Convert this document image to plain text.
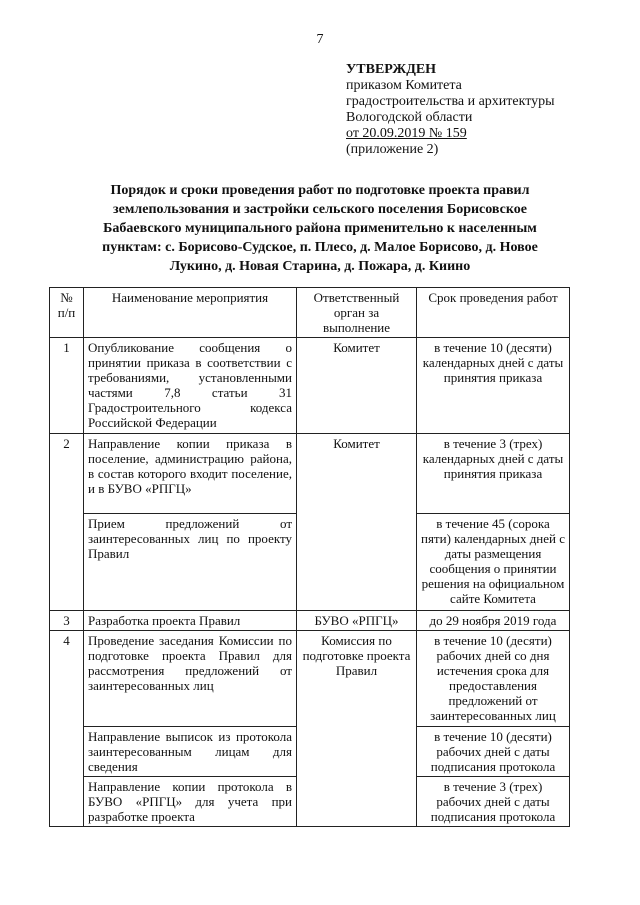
7
УТВЕРЖДЕН
приказом Комитета
градостроительства и архитектуры
Вологодской области
от 20.09.2019 № 159
(приложение 2)
Порядок и сроки проведения работ по подготовке проекта правил землепользования и застройки сельского поселения Борисовское Бабаевского муниципального района применительно к населенным пунктам: с. Борисово-Судское, п. Плесо, д. Малое Борисово, д. Новое Лукино, д. Новая Старина, д. Пожара, д. Киино
№ п/п	Наименование мероприятия	Ответственный орган за выполнение	Срок проведения работ
1	Опубликование сообщения о принятии приказа в соответствии с требованиями, установленными частями 7,8 статьи 31 Градостроительного кодекса Российской Федерации	Комитет	в течение 10 (десяти) календарных дней с даты принятия приказа
2	Направление копии приказа в поселение, администрацию района, в состав которого входит поселение, и в БУВО «РПГЦ»	Комитет	в течение 3 (трех) календарных дней с даты принятия приказа
	Прием предложений от заинтересованных лиц по проекту Правил		в течение 45 (сорока пяти) календарных дней с даты размещения сообщения о принятии решения на официальном сайте Комитета
3	Разработка проекта Правил	БУВО «РПГЦ»	до 29 ноября 2019 года
4	Проведение заседания Комиссии по подготовке проекта Правил для рассмотрения предложений от заинтересованных лиц	Комиссия по подготовке проекта Правил	в течение 10 (десяти) рабочих дней со дня истечения срока для предоставления предложений от заинтересованных лиц
	Направление выписок из протокола заинтересованным лицам для сведения		в течение 10 (десяти) рабочих дней с даты подписания протокола
	Направление копии протокола в БУВО «РПГЦ» для учета при разработке проекта		в течение 3 (трех) рабочих дней с даты подписания протокола
